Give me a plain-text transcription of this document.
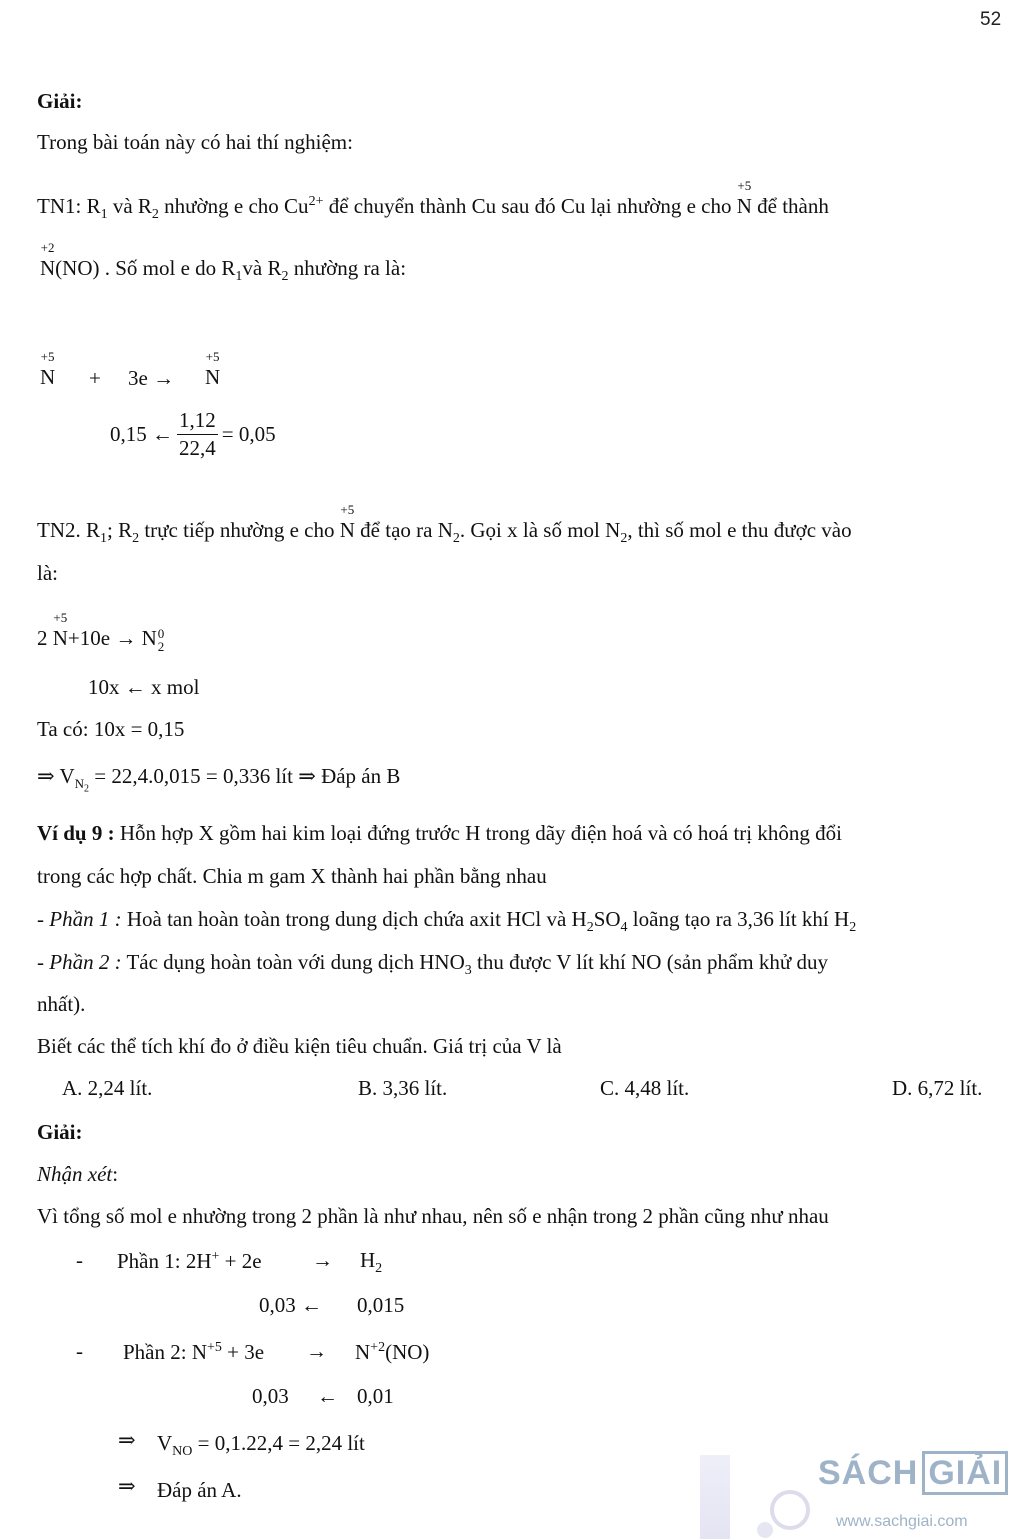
52
Giải:
Trong bài toán này có hai thí nghiệm:
TN1: $R_1$ và $R_2$ nhường e cho $Cu^{2+}$ để chuyển thành Cu sau đó Cu lại nhường e cho
+5
N để thành
+2
N(NO) . Số mol e do $R_1và$ $R_2$ nhường ra là:
+5
N + 3e →
+5
N
0,15 ← $\frac{1,12}{22,4} = 0,05$
TN2. $R_1$; $R_2$ trực tiếp nhường e cho
+5
N để tạo ra $N_2$. Gọi x là số mol $N_2$, thì số mol e thu được vào
là:
2
+5
N+10e → N 0
2
10x ← x mol
Ta có: 10x = 0,15
⇒ $V_{N_2} = 22,4.0,015 = 0,336$ lít ⇒ Đáp án B
Ví dụ 9 : Hỗn hợp X gồm hai kim loại đứng trước H trong dãy điện hoá và có hoá trị không đổi
trong các hợp chất. Chia m gam X thành hai phần bằng nhau
- Phần 1 : Hoà tan hoàn toàn trong dung dịch chứa axit HCl và $H_2SO_4$ loãng tạo ra 3,36 lít khí $H_2$
- Phần 2 : Tác dụng hoàn toàn với dung dịch $HNO_3$ thu được V lít khí NO (sản phẩm khử duy
nhất).
Biết các thể tích khí đo ở điều kiện tiêu chuẩn. Giá trị của V là
A. 2,24 lít.	B. 3,36 lít.	C. 4,48 lít.	D. 6,72 lít.
Giải:
Nhận xét:
Vì tổng số mol e nhường trong 2 phần là như nhau, nên số e nhận trong 2 phần cũng như nhau
- Phần 1: $2H^+ + 2e \to H_2$
0,03 ← 0,015
- Phần 2: $N^{+5} + 3e \to N^{+2}(NO)$
0,03 ← 0,01
⇒ $V_{NO} = 0,1.22,4 = 2,24$ lít
⇒ Đáp án A.	SÁCH GIẢI
www.sachgiai.com
